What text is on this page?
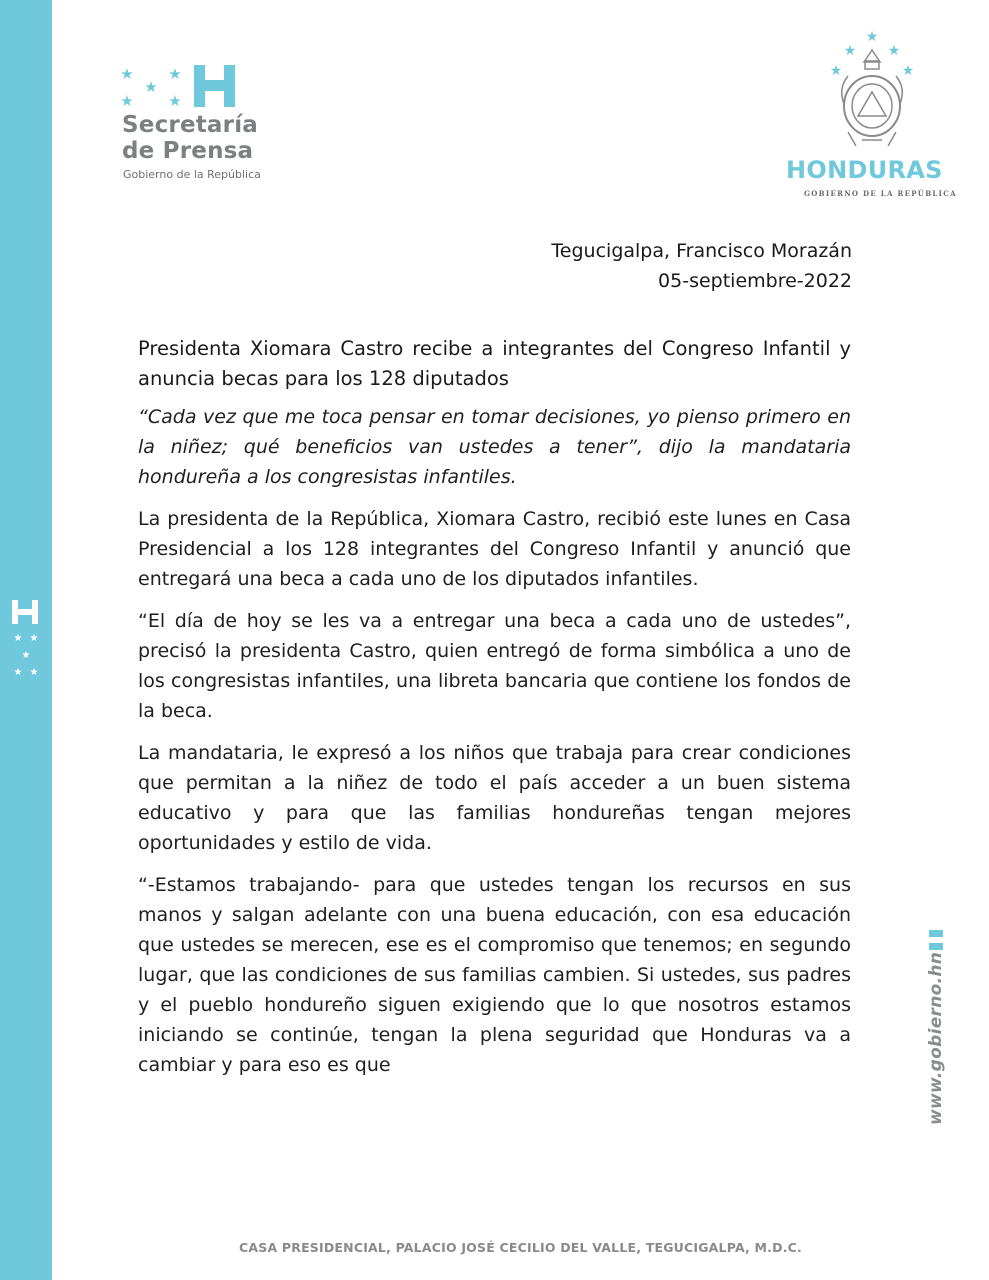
★ ★
★
★ ★
★ ★
★
★ ★
Secretaría
de Prensa
Gobierno de la República
★
★ ★
★	★
HONDURAS
GOBIERNO DE LA REPÚBLICA
Tegucigalpa, Francisco Morazán
05-septiembre-2022

Presidenta Xiomara Castro recibe a integrantes del Congreso Infantil y anuncia becas para los 128 diputados

“Cada vez que me toca pensar en tomar decisiones, yo pienso primero en la niñez; qué beneficios van ustedes a tener”, dijo la mandataria hondureña a los congresistas infantiles.

La presidenta de la República, Xiomara Castro, recibió este lunes en Casa Presidencial a los 128 integrantes del Congreso Infantil y anunció que entregará una beca a cada uno de los diputados infantiles.

“El día de hoy se les va a entregar una beca a cada uno de ustedes”, precisó la presidenta Castro, quien entregó de forma simbólica a uno de los congresistas infantiles, una libreta bancaria que contiene los fondos de la beca.

La mandataria, le expresó a los niños que trabaja para crear condiciones que permitan a la niñez de todo el país acceder a un buen sistema educativo y para que las familias hondureñas tengan mejores oportunidades y estilo de vida.

“-Estamos trabajando- para que ustedes tengan los recursos en sus manos y salgan adelante con una buena educación, con esa educación que ustedes se merecen, ese es el compromiso que tenemos; en segundo lugar, que las condiciones de sus familias cambien. Si ustedes, sus padres y el pueblo hondureño siguen exigiendo que lo que nosotros estamos iniciando se continúe, tengan la plena seguridad que Honduras va a cambiar y para eso es que	www.gobierno.hn
CASA PRESIDENCIAL, PALACIO JOSÉ CECILIO DEL VALLE, TEGUCIGALPA, M.D.C.
